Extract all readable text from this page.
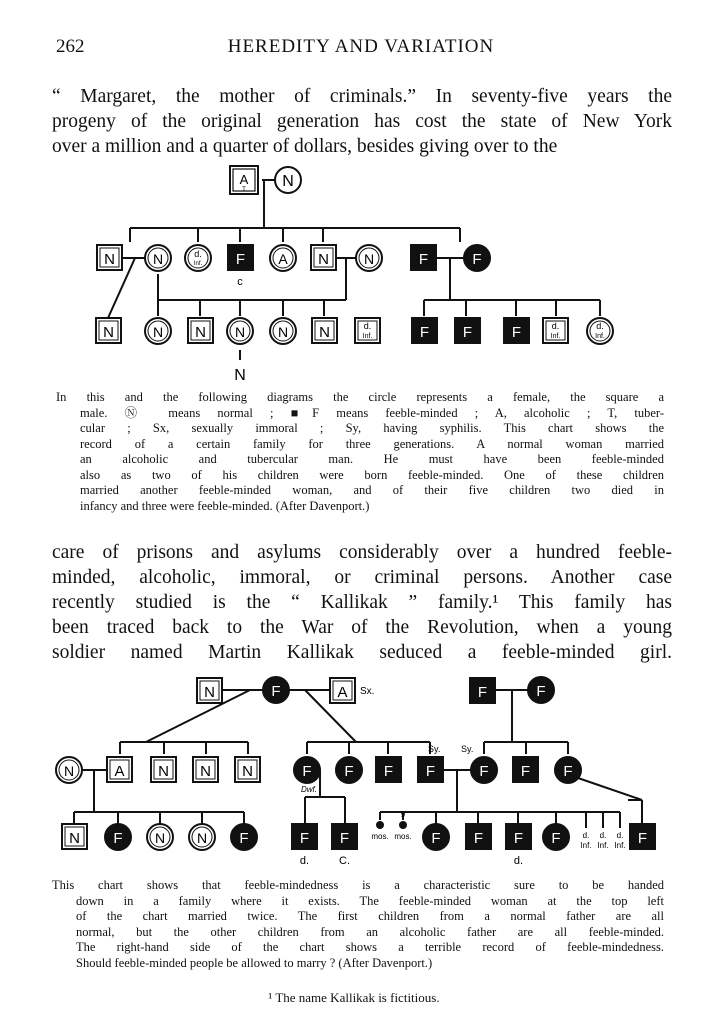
262	HEREDITY AND VARIATION
“ Margaret, the mother of criminals.” In seventy-five years the
progeny of the original generation has cost the state of New York
over a million and a quarter of dollars, besides giving over to the
A
T N
N	N	d.
Inf. F
c
A N	N	F	F
N	N N N N N	d.
Inf.	F F	F	d.
Inf.
d.
Inf.
N
In this and the following diagrams the circle represents a female, the square a
male. Ⓝ means normal ; ■F means feeble-minded ; A, alcoholic ; T, tuber-
cular ; Sx, sexually immoral ; Sy, having syphilis. This chart shows the
record of a certain family for three generations. A normal woman married
an alcoholic and tubercular man. He must have been feeble-minded
also as two of his children were born feeble-minded. One of these children
married another feeble-minded woman, and of their five children two died in
infancy and three were feeble-minded. (After Davenport.)
care of prisons and asylums considerably over a hundred feeble-
minded, alcoholic, immoral, or criminal persons. Another case
recently studied is the “ Kallikak ” family.¹ This family has
been traced back to the War of the Revolution, when a young
soldier named Martin Kallikak seduced a feeble-minded girl.
N	F	A Sx.	F	F
N	A N N N	F
Dwf.
F F F
Sy. Sy.
F F F
N F N N F	F
d.
F
C.
9
mos. mos. F F F
d.
F	d.
Inf.
d.
Inf.
d.
Inf. F
This chart shows that feeble-mindedness is a characteristic sure to be handed
down in a family where it exists. The feeble-minded woman at the top left
of the chart married twice. The first children from a normal father are all
normal, but the other children from an alcoholic father are all feeble-minded.
The right-hand side of the chart shows a terrible record of feeble-mindedness.
Should feeble-minded people be allowed to marry ? (After Davenport.)
¹ The name Kallikak is fictitious.
